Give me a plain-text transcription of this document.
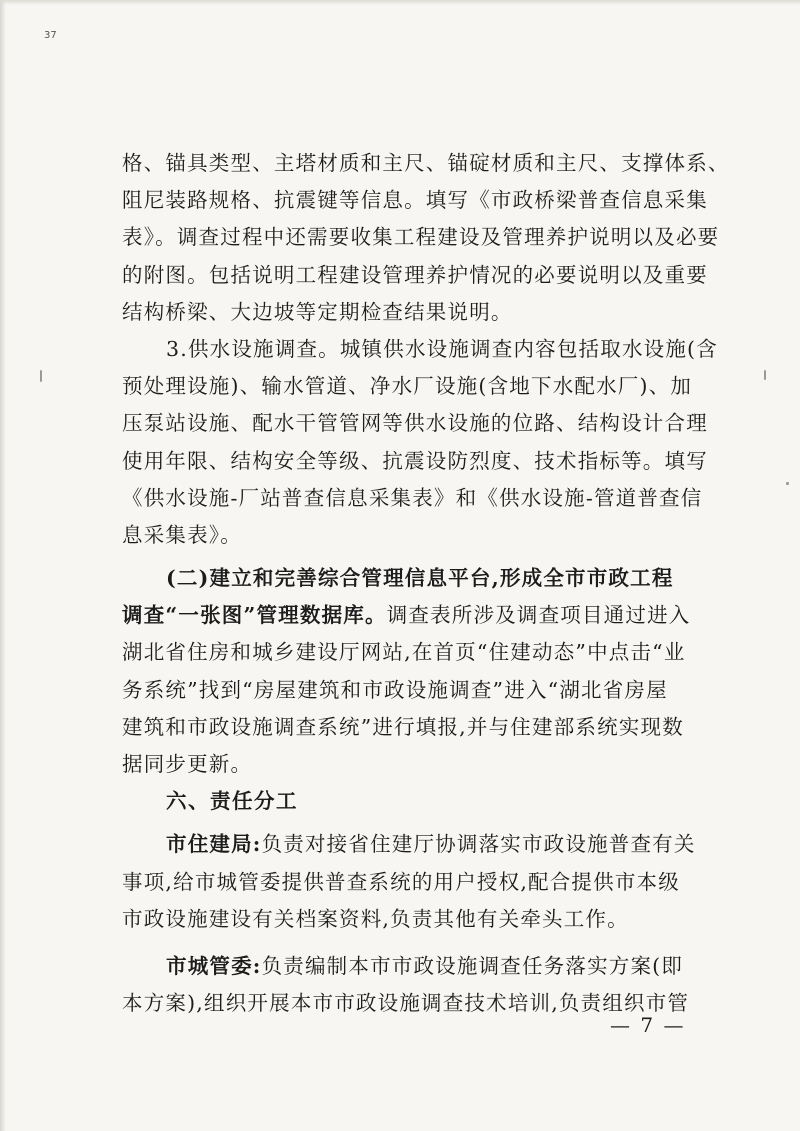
37
格、锚具类型、主塔材质和主尺、锚碇材质和主尺、支撑体系、
阻尼装路规格、抗震键等信息。填写《市政桥梁普查信息采集
表》。调查过程中还需要收集工程建设及管理养护说明以及必要
的附图。包括说明工程建设管理养护情况的必要说明以及重要
结构桥梁、大边坡等定期检查结果说明。
3.供水设施调查。城镇供水设施调查内容包括取水设施(含
预处理设施)、输水管道、净水厂设施(含地下水配水厂)、加
压泵站设施、配水干管管网等供水设施的位路、结构设计合理
使用年限、结构安全等级、抗震设防烈度、技术指标等。填写
《供水设施-厂站普查信息采集表》和《供水设施-管道普查信
息采集表》。
(二)建立和完善综合管理信息平台,形成全市市政工程
调查“一张图”管理数据库。调查表所涉及调查项目通过进入
湖北省住房和城乡建设厅网站,在首页“住建动态”中点击“业
务系统”找到“房屋建筑和市政设施调查”进入“湖北省房屋
建筑和市政设施调查系统”进行填报,并与住建部系统实现数
据同步更新。
六、责任分工
市住建局:负责对接省住建厅协调落实市政设施普查有关
事项,给市城管委提供普查系统的用户授权,配合提供市本级
市政设施建设有关档案资料,负责其他有关牵头工作。
市城管委:负责编制本市市政设施调查任务落实方案(即
本方案),组织开展本市市政设施调查技术培训,负责组织市管
— 7 —
